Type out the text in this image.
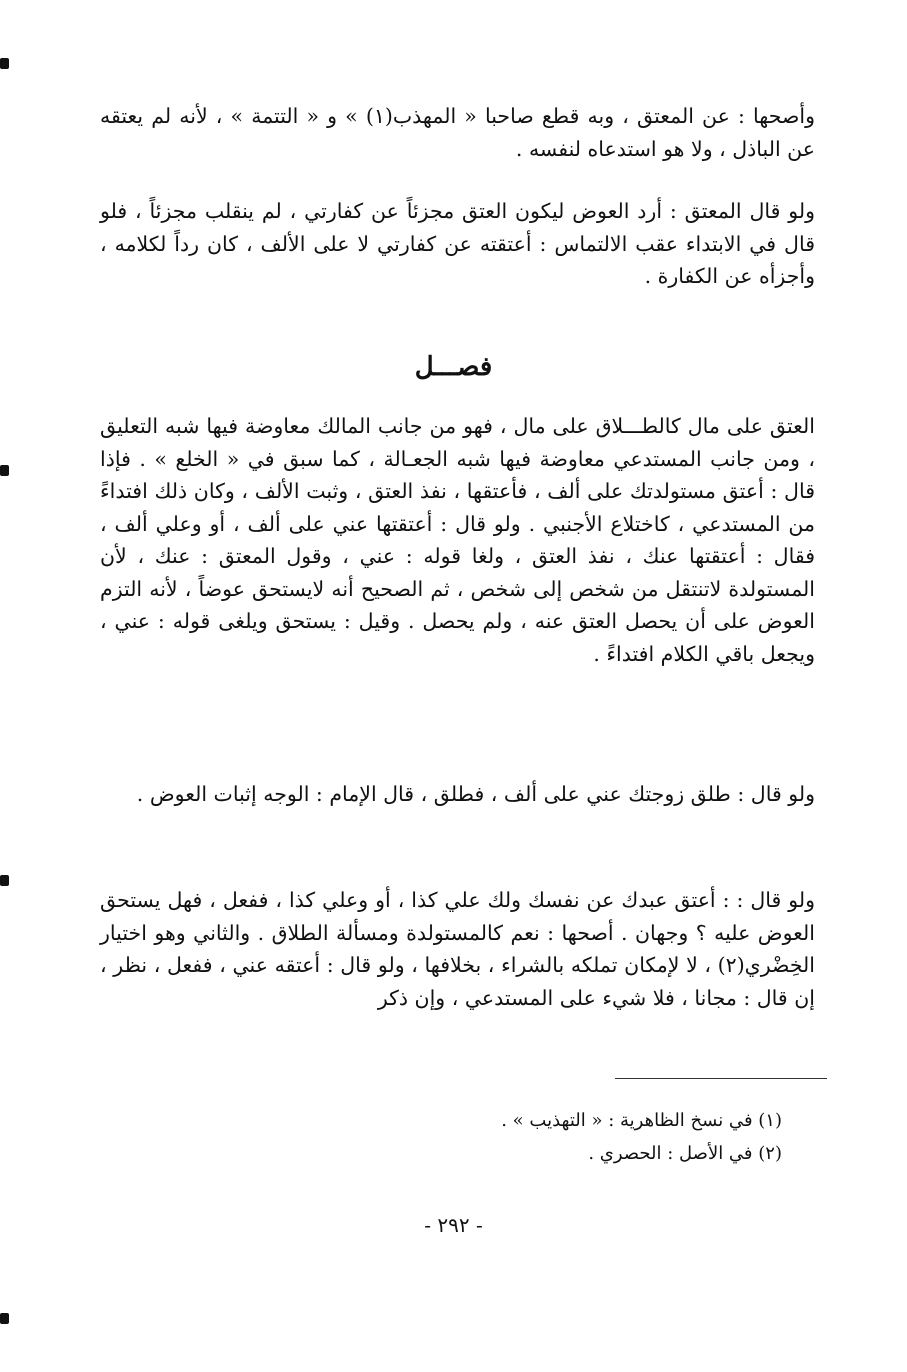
وأصحها : عن المعتق ، وبه قطع صاحبا « المهذب(١) » و « التتمة » ، لأنه لم يعتقه عن الباذل ، ولا هو استدعاه لنفسه .

ولو قال المعتق : أرد العوض ليكون العتق مجزئاً عن كفارتي ، لم ينقلب مجزئاً ، فلو قال في الابتداء عقب الالتماس : أعتقته عن كفارتي لا على الألف ، كان رداً لكلامه ، وأجزأه عن الكفارة .

فصـــل

العتق على مال كالطـــلاق على مال ، فهو من جانب المالك معاوضة فيها شبه التعليق ، ومن جانب المستدعي معاوضة فيها شبه الجعـالة ، كما سبق في « الخلع » . فإذا قال : أعتق مستولدتك على ألف ، فأعتقها ، نفذ العتق ، وثبت الألف ، وكان ذلك افتداءً من المستدعي ، كاختلاع الأجنبي . ولو قال : أعتقتها عني على ألف ، أو وعلي ألف ، فقال : أعتقتها عنك ، نفذ العتق ، ولغا قوله : عني ، وقول المعتق : عنك ، لأن المستولدة لاتنتقل من شخص إلى شخص ، ثم الصحيح أنه لايستحق عوضاً ، لأنه التزم العوض على أن يحصل العتق عنه ، ولم يحصل . وقيل : يستحق ويلغى قوله : عني ، ويجعل باقي الكلام افتداءً .

ولو قال : طلق زوجتك عني على ألف ، فطلق ، قال الإمام : الوجه إثبات العوض .

ولو قال : : أعتق عبدك عن نفسك ولك علي كذا ، أو وعلي كذا ، ففعل ، فهل يستحق العوض عليه ؟ وجهان . أصحها : نعم كالمستولدة ومسألة الطلاق . والثاني وهو اختيار الخِضْري(٢) ، لا لإمكان تملكه بالشراء ، بخلافها ، ولو قال : أعتقه عني ، ففعل ، نظر ، إن قال : مجانا ، فلا شيء على المستدعي ، وإن ذكر

(١) في نسخ الظاهرية : « التهذيب » .
(٢) في الأصل : الحصري .
- ٢٩٢ -
